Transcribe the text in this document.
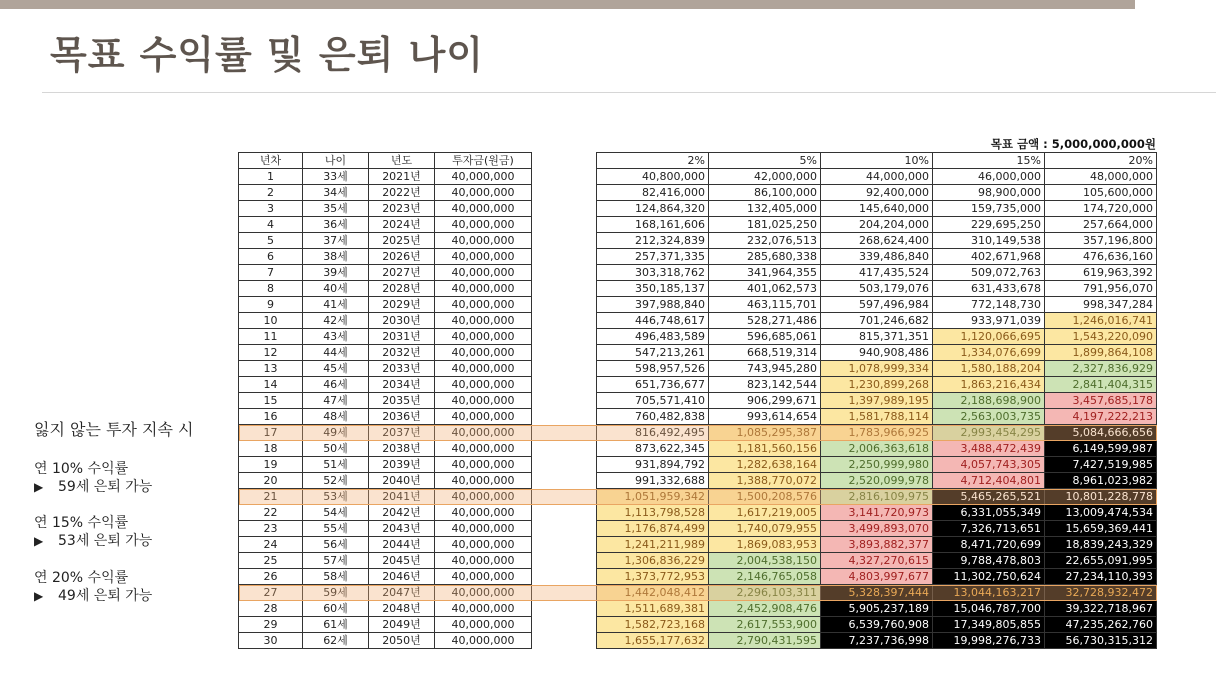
목표 수익률 및 은퇴 나이
잃지 않는 투자 지속 시
연 10% 수익률
▶ 59세 은퇴 가능
연 15% 수익률
▶ 53세 은퇴 가능
연 20% 수익률
▶ 49세 은퇴 가능
목표 금액 : 5,000,000,000원
년차	나이	년도	투자금(원금)
1	33세	2021년	40,000,000
2	34세	2022년	40,000,000
3	35세	2023년	40,000,000
4	36세	2024년	40,000,000
5	37세	2025년	40,000,000
6	38세	2026년	40,000,000
7	39세	2027년	40,000,000
8	40세	2028년	40,000,000
9	41세	2029년	40,000,000
10	42세	2030년	40,000,000
11	43세	2031년	40,000,000
12	44세	2032년	40,000,000
13	45세	2033년	40,000,000
14	46세	2034년	40,000,000
15	47세	2035년	40,000,000
16	48세	2036년	40,000,000
17	49세	2037년	40,000,000
18	50세	2038년	40,000,000
19	51세	2039년	40,000,000
20	52세	2040년	40,000,000
21	53세	2041년	40,000,000
22	54세	2042년	40,000,000
23	55세	2043년	40,000,000
24	56세	2044년	40,000,000
25	57세	2045년	40,000,000
26	58세	2046년	40,000,000
27	59세	2047년	40,000,000
28	60세	2048년	40,000,000
29	61세	2049년	40,000,000
30	62세	2050년	40,000,000
2%	5%	10%	15%	20%
40,800,000	42,000,000	44,000,000	46,000,000	48,000,000
82,416,000	86,100,000	92,400,000	98,900,000	105,600,000
124,864,320	132,405,000	145,640,000	159,735,000	174,720,000
168,161,606	181,025,250	204,204,000	229,695,250	257,664,000
212,324,839	232,076,513	268,624,400	310,149,538	357,196,800
257,371,335	285,680,338	339,486,840	402,671,968	476,636,160
303,318,762	341,964,355	417,435,524	509,072,763	619,963,392
350,185,137	401,062,573	503,179,076	631,433,678	791,956,070
397,988,840	463,115,701	597,496,984	772,148,730	998,347,284
446,748,617	528,271,486	701,246,682	933,971,039	1,246,016,741
496,483,589	596,685,061	815,371,351	1,120,066,695	1,543,220,090
547,213,261	668,519,314	940,908,486	1,334,076,699	1,899,864,108
598,957,526	743,945,280	1,078,999,334	1,580,188,204	2,327,836,929
651,736,677	823,142,544	1,230,899,268	1,863,216,434	2,841,404,315
705,571,410	906,299,671	1,397,989,195	2,188,698,900	3,457,685,178
760,482,838	993,614,654	1,581,788,114	2,563,003,735	4,197,222,213
816,492,495	1,085,295,387	1,783,966,925	2,993,454,295	5,084,666,656
873,622,345	1,181,560,156	2,006,363,618	3,488,472,439	6,149,599,987
931,894,792	1,282,638,164	2,250,999,980	4,057,743,305	7,427,519,985
991,332,688	1,388,770,072	2,520,099,978	4,712,404,801	8,961,023,982
1,051,959,342	1,500,208,576	2,816,109,975	5,465,265,521	10,801,228,778
1,113,798,528	1,617,219,005	3,141,720,973	6,331,055,349	13,009,474,534
1,176,874,499	1,740,079,955	3,499,893,070	7,326,713,651	15,659,369,441
1,241,211,989	1,869,083,953	3,893,882,377	8,471,720,699	18,839,243,329
1,306,836,229	2,004,538,150	4,327,270,615	9,788,478,803	22,655,091,995
1,373,772,953	2,146,765,058	4,803,997,677	11,302,750,624	27,234,110,393
1,442,048,412	2,296,103,311	5,328,397,444	13,044,163,217	32,728,932,472
1,511,689,381	2,452,908,476	5,905,237,189	15,046,787,700	39,322,718,967
1,582,723,168	2,617,553,900	6,539,760,908	17,349,805,855	47,235,262,760
1,655,177,632	2,790,431,595	7,237,736,998	19,998,276,733	56,730,315,312
